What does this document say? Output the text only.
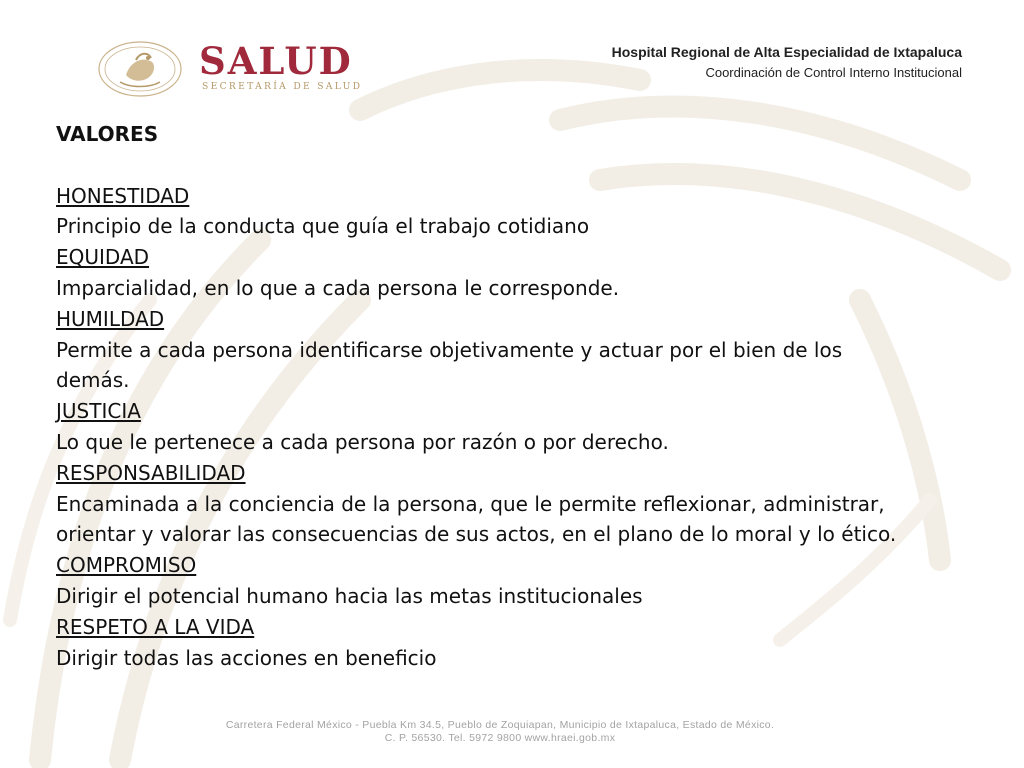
SALUD
SECRETARÍA DE SALUD
Hospital Regional de Alta Especialidad de Ixtapaluca
Coordinación de Control Interno Institucional
VALORES
HONESTIDAD

Principio de la conducta que guía el trabajo cotidiano

EQUIDAD

Imparcialidad, en lo que a cada persona le corresponde.

HUMILDAD

Permite a cada persona identificarse objetivamente y actuar por el bien de los demás.

JUSTICIA

Lo que le pertenece a cada persona por razón o por derecho.

RESPONSABILIDAD

Encaminada a la conciencia de la persona, que le permite reflexionar, administrar, orientar y valorar las consecuencias de sus actos, en el plano de lo moral y lo ético.

COMPROMISO

Dirigir el potencial humano hacia las metas institucionales

RESPETO A LA VIDA

Dirigir todas las acciones en beneficio

Carretera Federal México - Puebla Km 34.5, Pueblo de Zoquiapan, Municipio de Ixtapaluca, Estado de México.
C. P. 56530. Tel. 5972 9800 www.hraei.gob.mx
